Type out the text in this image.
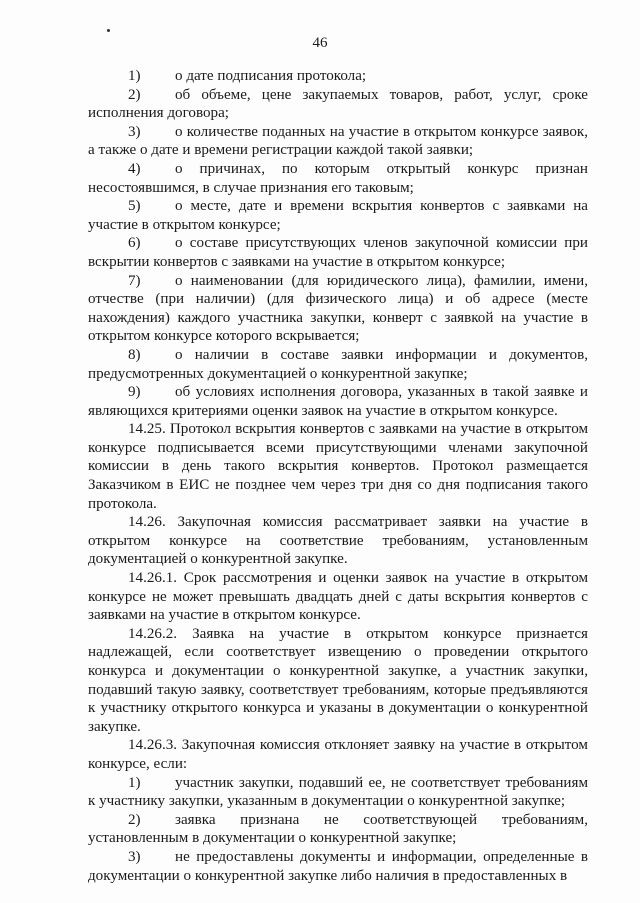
46

1) о дате подписания протокола;

2) об объеме, цене закупаемых товаров, работ, услуг, сроке исполнения договора;

3) о количестве поданных на участие в открытом конкурсе заявок, а также о дате и времени регистрации каждой такой заявки;

4) о причинах, по которым открытый конкурс признан несостоявшимся, в случае признания его таковым;

5) о месте, дате и времени вскрытия конвертов с заявками на участие в открытом конкурсе;

6) о составе присутствующих членов закупочной комиссии при вскрытии конвертов с заявками на участие в открытом конкурсе;

7) о наименовании (для юридического лица), фамилии, имени, отчестве (при наличии) (для физического лица) и об адресе (месте нахождения) каждого участника закупки, конверт с заявкой на участие в открытом конкурсе которого вскрывается;

8) о наличии в составе заявки информации и документов, предусмотренных документацией о конкурентной закупке;

9) об условиях исполнения договора, указанных в такой заявке и являющихся критериями оценки заявок на участие в открытом конкурсе.

14.25. Протокол вскрытия конвертов с заявками на участие в открытом конкурсе подписывается всеми присутствующими членами закупочной комиссии в день такого вскрытия конвертов. Протокол размещается Заказчиком в ЕИС не позднее чем через три дня со дня подписания такого протокола.

14.26. Закупочная комиссия рассматривает заявки на участие в открытом конкурсе на соответствие требованиям, установленным документацией о конкурентной закупке.

14.26.1. Срок рассмотрения и оценки заявок на участие в открытом конкурсе не может превышать двадцать дней с даты вскрытия конвертов с заявками на участие в открытом конкурсе.

14.26.2. Заявка на участие в открытом конкурсе признается надлежащей, если соответствует извещению о проведении открытого конкурса и документации о конкурентной закупке, а участник закупки, подавший такую заявку, соответствует требованиям, которые предъявляются к участнику открытого конкурса и указаны в документации о конкурентной закупке.

14.26.3. Закупочная комиссия отклоняет заявку на участие в открытом конкурсе, если:

1) участник закупки, подавший ее, не соответствует требованиям к участнику закупки, указанным в документации о конкурентной закупке;

2) заявка признана не соответствующей требованиям, установленным в документации о конкурентной закупке;

3) не предоставлены документы и информации, определенные в документации о конкурентной закупке либо наличия в предоставленных в
